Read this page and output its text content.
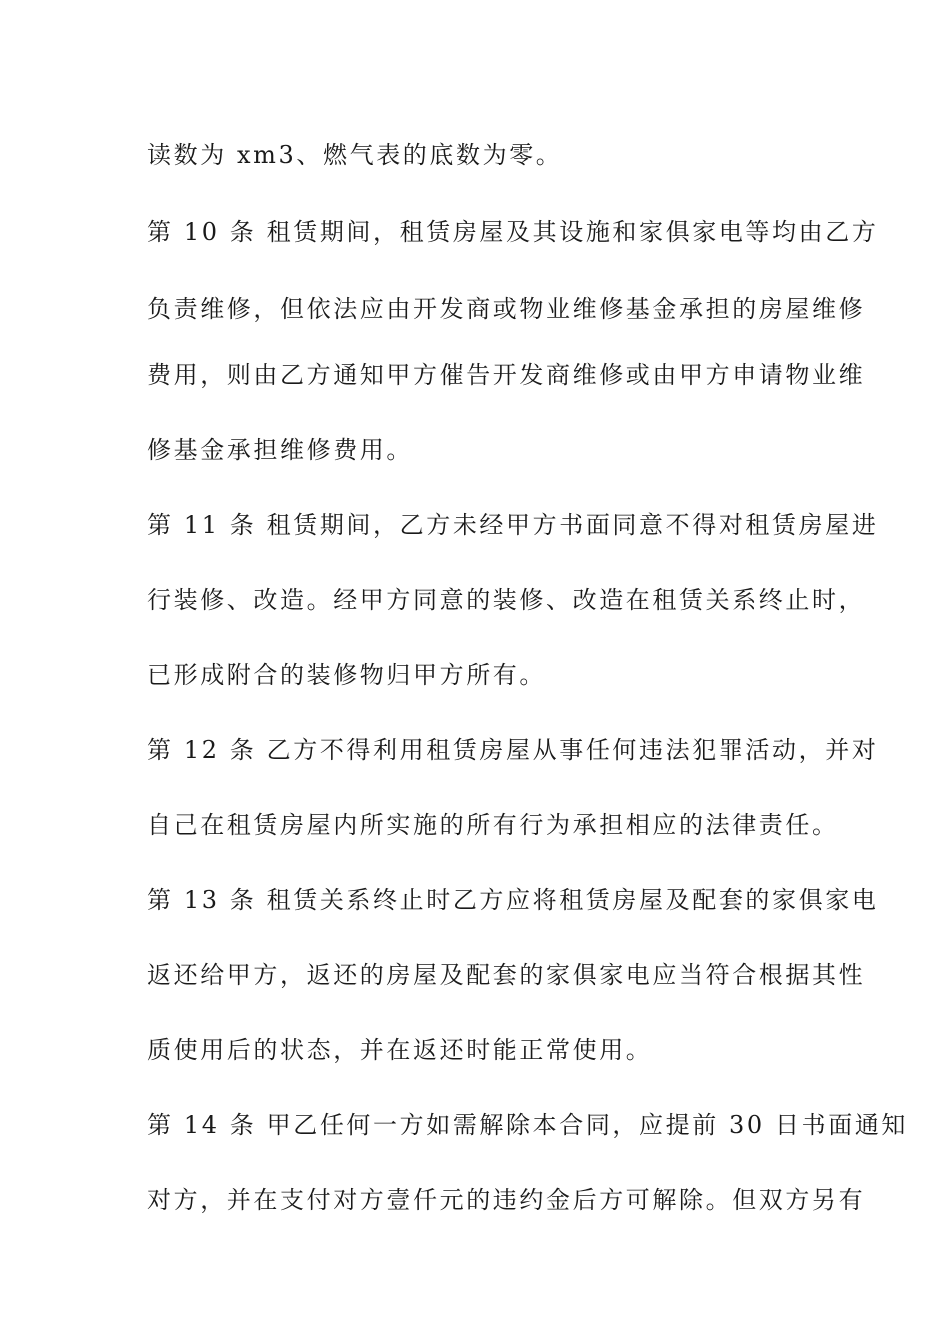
读数为 xm3、燃气表的底数为零。
第 10 条 租赁期间，租赁房屋及其设施和家俱家电等均由乙方
负责维修，但依法应由开发商或物业维修基金承担的房屋维修
费用，则由乙方通知甲方催告开发商维修或由甲方申请物业维
修基金承担维修费用。
第 11 条 租赁期间，乙方未经甲方书面同意不得对租赁房屋进
行装修、改造。经甲方同意的装修、改造在租赁关系终止时，
已形成附合的装修物归甲方所有。
第 12 条 乙方不得利用租赁房屋从事任何违法犯罪活动，并对
自己在租赁房屋内所实施的所有行为承担相应的法律责任。
第 13 条 租赁关系终止时乙方应将租赁房屋及配套的家俱家电
返还给甲方，返还的房屋及配套的家俱家电应当符合根据其性
质使用后的状态，并在返还时能正常使用。
第 14 条 甲乙任何一方如需解除本合同，应提前 30 日书面通知
对方，并在支付对方壹仟元的违约金后方可解除。但双方另有
